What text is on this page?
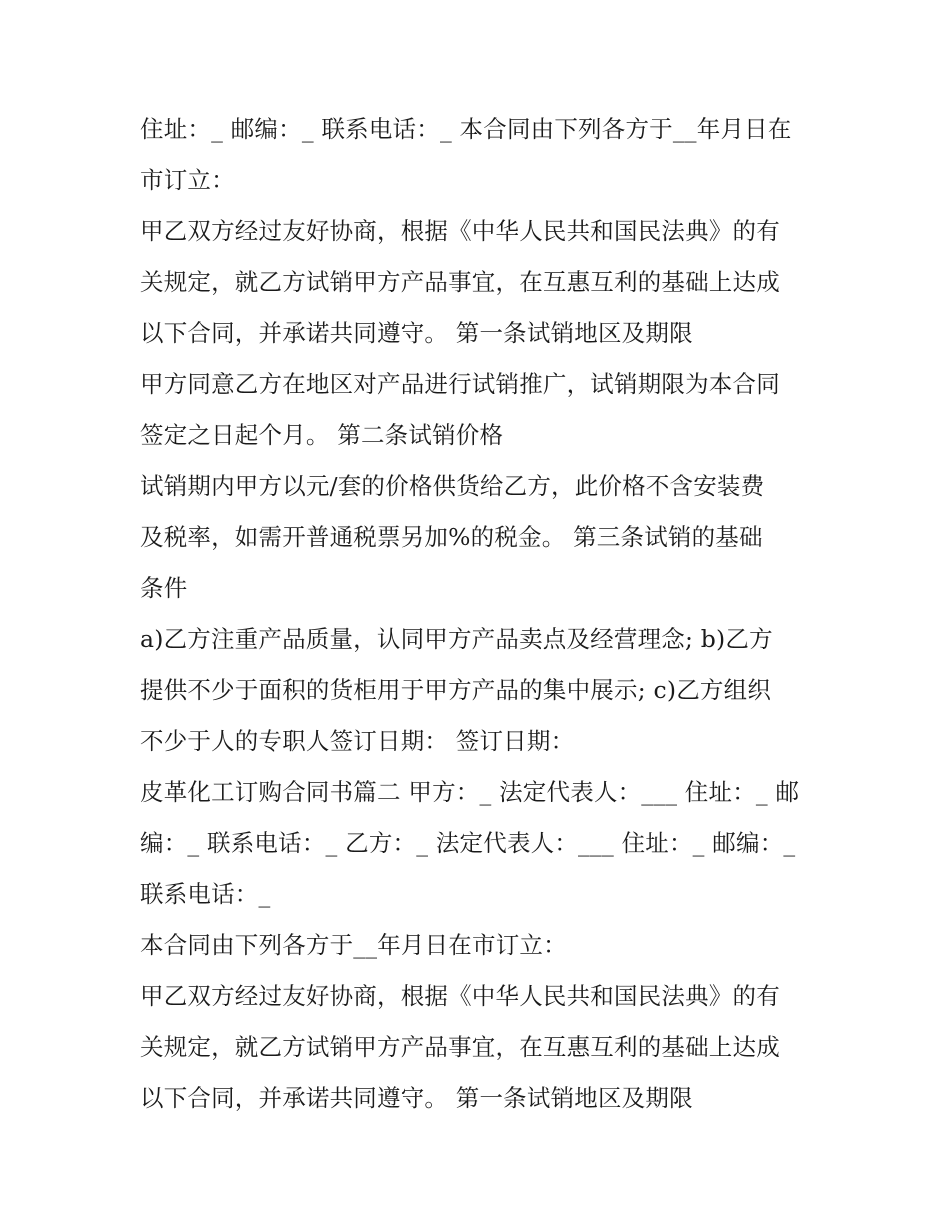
住址：_ 邮编：_ 联系电话：_ 本合同由下列各方于__年月日在
市订立：
甲乙双方经过友好协商，根据《中华人民共和国民法典》的有
关规定，就乙方试销甲方产品事宜，在互惠互利的基础上达成
以下合同，并承诺共同遵守。 第一条试销地区及期限
甲方同意乙方在地区对产品进行试销推广，试销期限为本合同
签定之日起个月。 第二条试销价格
试销期内甲方以元/套的价格供货给乙方，此价格不含安装费
及税率，如需开普通税票另加%的税金。 第三条试销的基础
条件
a)乙方注重产品质量，认同甲方产品卖点及经营理念; b)乙方
提供不少于面积的货柜用于甲方产品的集中展示; c)乙方组织
不少于人的专职人签订日期： 签订日期：
皮革化工订购合同书篇二 甲方：_ 法定代表人：___ 住址：_ 邮
编：_ 联系电话：_ 乙方：_ 法定代表人：___ 住址：_ 邮编：_
联系电话：_
本合同由下列各方于__年月日在市订立：
甲乙双方经过友好协商，根据《中华人民共和国民法典》的有
关规定，就乙方试销甲方产品事宜，在互惠互利的基础上达成
以下合同，并承诺共同遵守。 第一条试销地区及期限
